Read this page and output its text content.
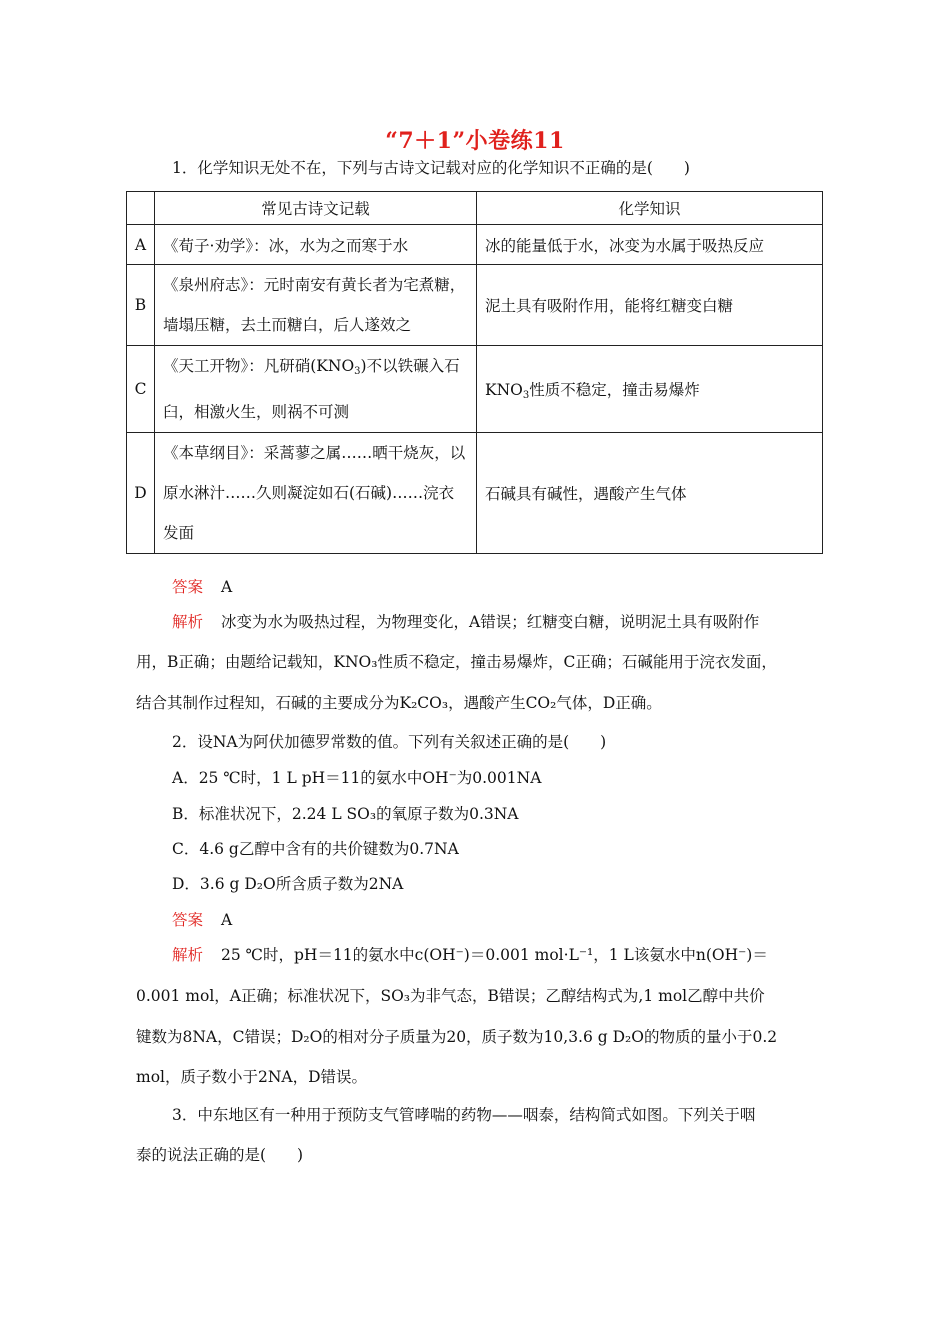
“7＋1”小卷练11
1．化学知识无处不在，下列与古诗文记载对应的化学知识不正确的是(　　)
	常见古诗文记载	化学知识
A	《荀子·劝学》：冰，水为之而寒于水	冰的能量低于水，冰变为水属于吸热反应
B	《泉州府志》：元时南安有黄长者为宅煮糖，墙塌压糖，去土而糖白，后人遂效之	泥土具有吸附作用，能将红糖变白糖
C	《天工开物》：凡研硝$(KNO_3)$不以铁碾入石臼，相激火生，则祸不可测	$KNO_3$性质不稳定，撞击易爆炸
D	《本草纲目》：采蒿蓼之属……晒干烧灰，以原水淋汁……久则凝淀如石(石碱)……浣衣发面	石碱具有碱性，遇酸产生气体
答案 A
解析 冰变为水为吸热过程，为物理变化，A错误；红糖变白糖，说明泥土具有吸附作
用，B正确；由题给记载知，KNO₃性质不稳定，撞击易爆炸，C正确；石碱能用于浣衣发面，
结合其制作过程知，石碱的主要成分为K₂CO₃，遇酸产生CO₂气体，D正确。
2．设NA为阿伏加德罗常数的值。下列有关叙述正确的是(　　)
A．25 ℃时，1 L pH＝11的氨水中OH⁻为0.001NA
B．标准状况下，2.24 L SO₃的氧原子数为0.3NA
C．4.6 g乙醇中含有的共价键数为0.7NA
D．3.6 g D₂O所含质子数为2NA
答案 A
解析 25 ℃时，pH＝11的氨水中c(OH⁻)＝0.001 mol·L⁻¹，1 L该氨水中n(OH⁻)＝
0.001 mol，A正确；标准状况下，SO₃为非气态，B错误；乙醇结构式为,1 mol乙醇中共价
键数为8NA，C错误；D₂O的相对分子质量为20，质子数为10,3.6 g D₂O的物质的量小于0.2
mol，质子数小于2NA，D错误。
3．中东地区有一种用于预防支气管哮喘的药物——咽泰，结构简式如图。下列关于咽
泰的说法正确的是(　　)
